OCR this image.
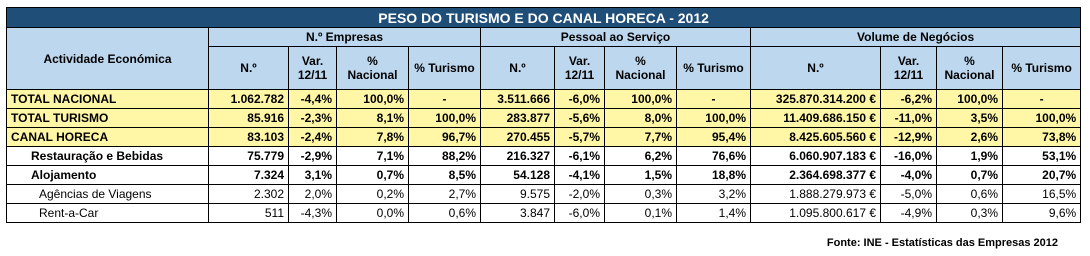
PESO DO TURISMO E DO CANAL HORECA - 2012												
Actividade Económica	N.º Empresas				Pessoal ao Serviço				Volume de Negócios			
	N.º	Var. 12/11	% Nacional	% Turismo	N.º	Var. 12/11	% Nacional	% Turismo	N.º	Var. 12/11	% Nacional	% Turismo
TOTAL NACIONAL	1.062.782	-4,4%	100,0%	-	3.511.666	-6,0%	100,0%	-	325.870.314.200 €	-6,2%	100,0%	-
TOTAL TURISMO	85.916	-2,3%	8,1%	100,0%	283.877	-5,6%	8,0%	100,0%	11.409.686.150 €	-11,0%	3,5%	100,0%
CANAL HORECA	83.103	-2,4%	7,8%	96,7%	270.455	-5,7%	7,7%	95,4%	8.425.605.560 €	-12,9%	2,6%	73,8%
Restauração e Bebidas	75.779	-2,9%	7,1%	88,2%	216.327	-6,1%	6,2%	76,6%	6.060.907.183 €	-16,0%	1,9%	53,1%
Alojamento	7.324	3,1%	0,7%	8,5%	54.128	-4,1%	1,5%	18,8%	2.364.698.377 €	-4,0%	0,7%	20,7%
Agências de Viagens	2.302	2,0%	0,2%	2,7%	9.575	-2,0%	0,3%	3,2%	1.888.279.973 €	-5,0%	0,6%	16,5%
Rent-a-Car	511	-4,3%	0,0%	0,6%	3.847	-6,0%	0,1%	1,4%	1.095.800.617 €	-4,9%	0,3%	9,6%
Fonte: INE - Estatísticas das Empresas 2012
